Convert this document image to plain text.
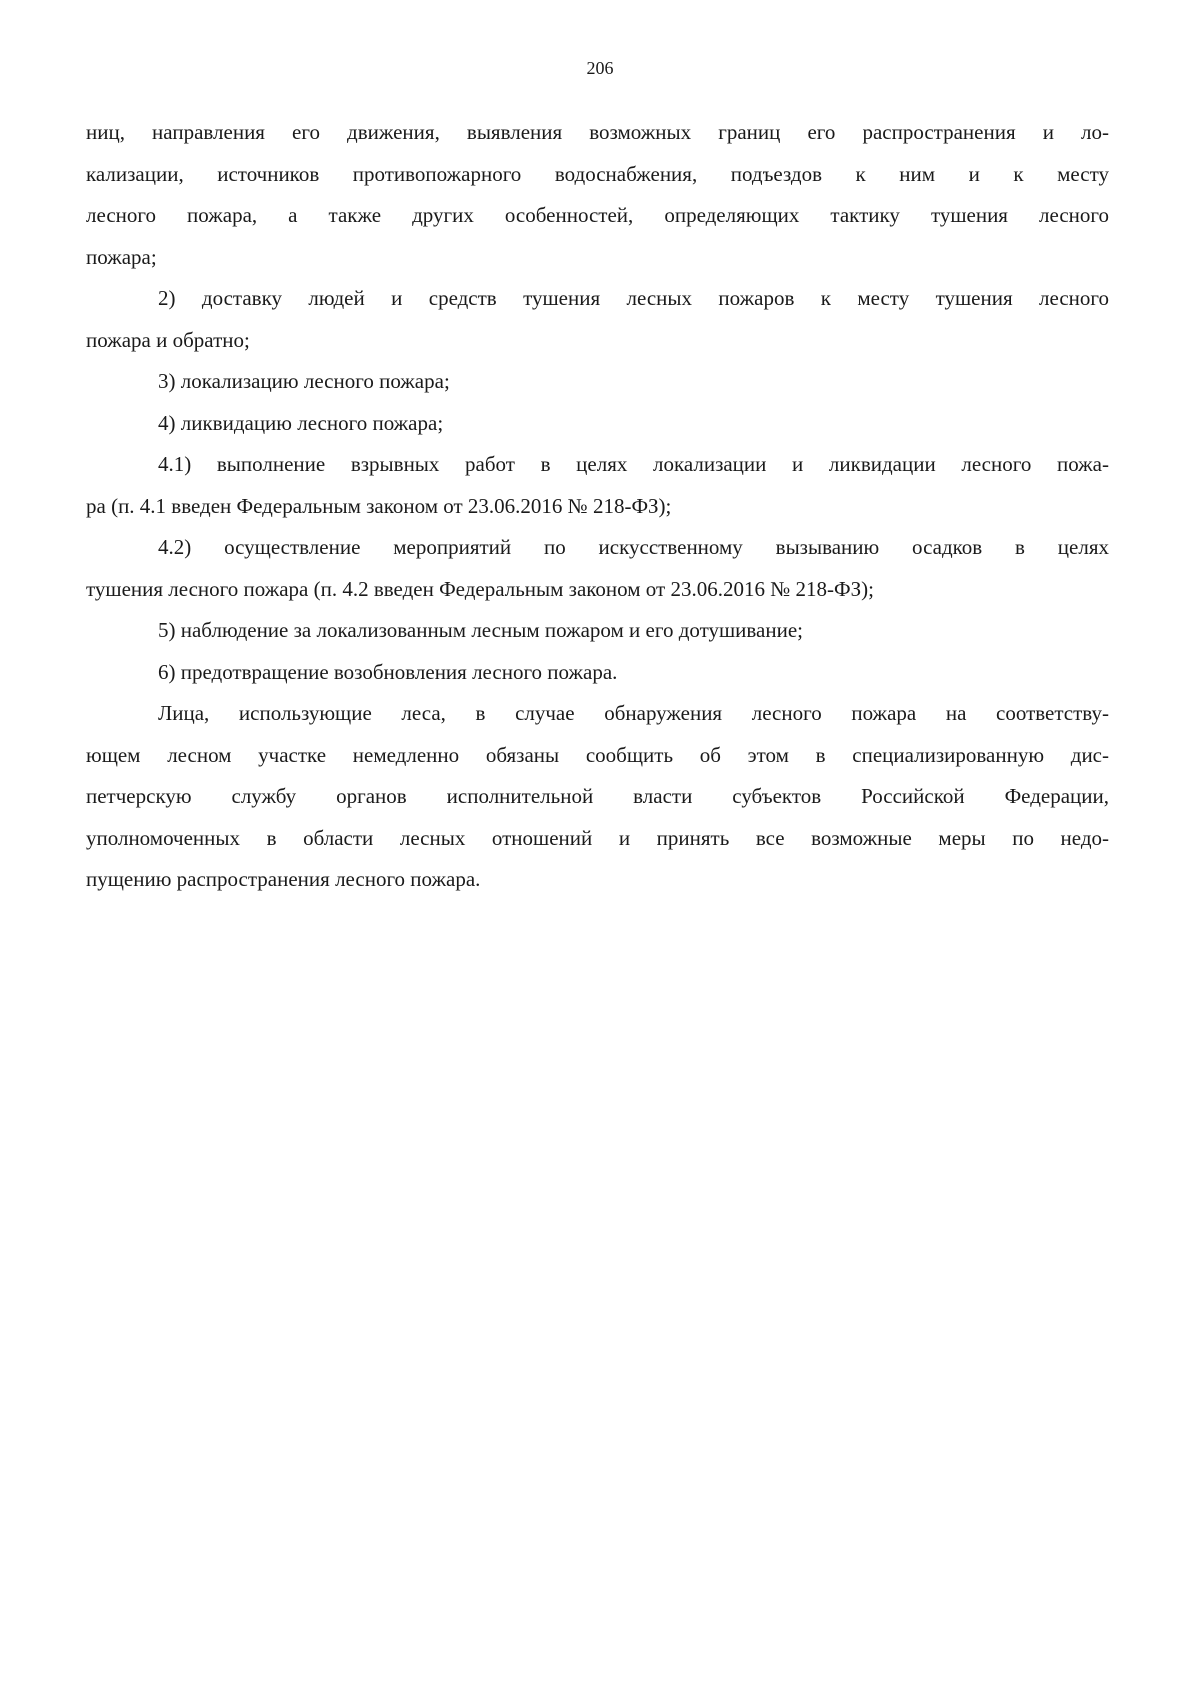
206
ниц, направления его движения, выявления возможных границ его распространения и ло-
кализации, источников противопожарного водоснабжения, подъездов к ним и к месту
лесного пожара, а также других особенностей, определяющих тактику тушения лесного
пожара;
2) доставку людей и средств тушения лесных пожаров к месту тушения лесного
пожара и обратно;
3) локализацию лесного пожара;
4) ликвидацию лесного пожара;
4.1) выполнение взрывных работ в целях локализации и ликвидации лесного пожа-
ра (п. 4.1 введен Федеральным законом от 23.06.2016 № 218-ФЗ);
4.2) осуществление мероприятий по искусственному вызыванию осадков в целях
тушения лесного пожара (п. 4.2 введен Федеральным законом от 23.06.2016 № 218-ФЗ);
5) наблюдение за локализованным лесным пожаром и его дотушивание;
6) предотвращение возобновления лесного пожара.
Лица, использующие леса, в случае обнаружения лесного пожара на соответству-
ющем лесном участке немедленно обязаны сообщить об этом в специализированную дис-
петчерскую службу органов исполнительной власти субъектов Российской Федерации,
уполномоченных в области лесных отношений и принять все возможные меры по недо-
пущению распространения лесного пожара.
